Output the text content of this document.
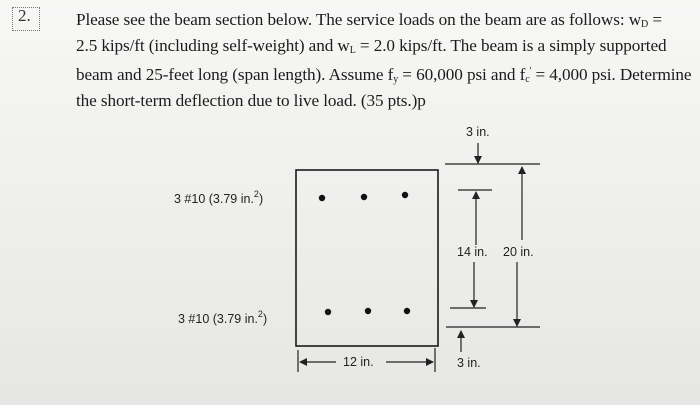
2.	Please see the beam section below. The service loads on the beam are as follows: $w_D$ =
2.5 kips/ft (including self-weight) and $w_L = 2.0$ kips/ft. The beam is a simply supported
beam and 25-feet long (span length). Assume $f_y = 60,000$ psi and $f_c' = 4,000$ psi. Determine
the short-term deflection due to live load. (35 pts.)p
3 #10 (3.79 in.$^2$)
3 #10 (3.79 in.$^2$)
3 in.
14 in. 20 in.
3 in.
12 in.
